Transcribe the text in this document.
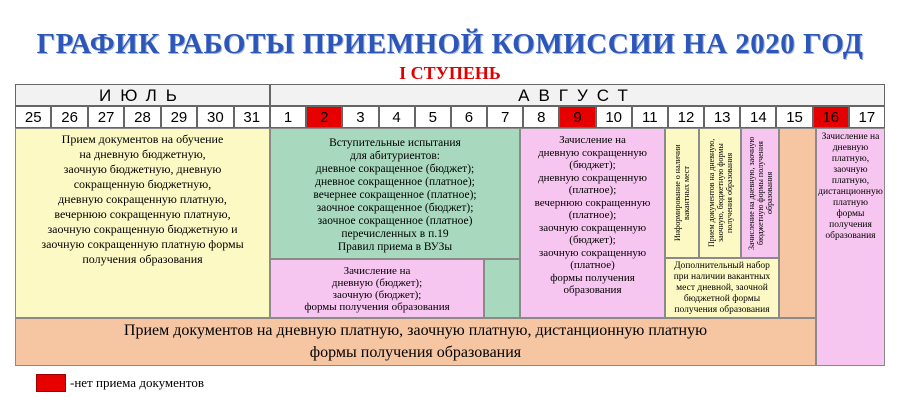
ГРАФИК РАБОТЫ ПРИЕМНОЙ КОМИССИИ НА 2020 ГОД
I СТУПЕНЬ
ИЮЛЬ	АВГУСТ
25	26	27	28	29	30	31	1	2	3	4	5	6	7	8	9	10	11	12	13	14	15	16	17
Прием документов на обучение
на дневную бюджетную,
заочную бюджетную, дневную
сокращенную бюджетную,
дневную сокращенную платную,
вечернюю сокращенную платную,
заочную сокращенную бюджетную и
заочную сокращенную платную формы
получения образования
Вступительные испытания
для абитуриентов:
дневное сокращенное (бюджет);
дневное сокращенное (платное);
вечернее сокращенное (платное);
заочное сокращенное (бюджет);
заочное сокращенное (платное)
перечисленных в п.19
Правил приема в ВУЗы
Зачисление на
дневную (бюджет);
заочную (бюджет);
формы получения образования
Зачисление на
дневную сокращенную
(бюджет);
дневную сокращенную
(платное);
вечернюю сокращенную
(платное);
заочную сокращенную
(бюджет);
заочную сокращенную
(платное)
формы получения
образования
Информирование о наличии вакантных мест Прием документов на дневную, заочную, бюджетную формы получения образования Зачисление на дневную, заочную бюджетную формы получения образования
Дополнительный набор
при наличии вакантных
мест дневной, заочной
бюджетной формы
получения образования
Зачисление на
дневную
платную,
заочную
платную,
дистанционную
платную
формы
получения
образования
Прием документов на дневную платную, заочную платную, дистанционную платную
формы получения образования
-нет приема документов
